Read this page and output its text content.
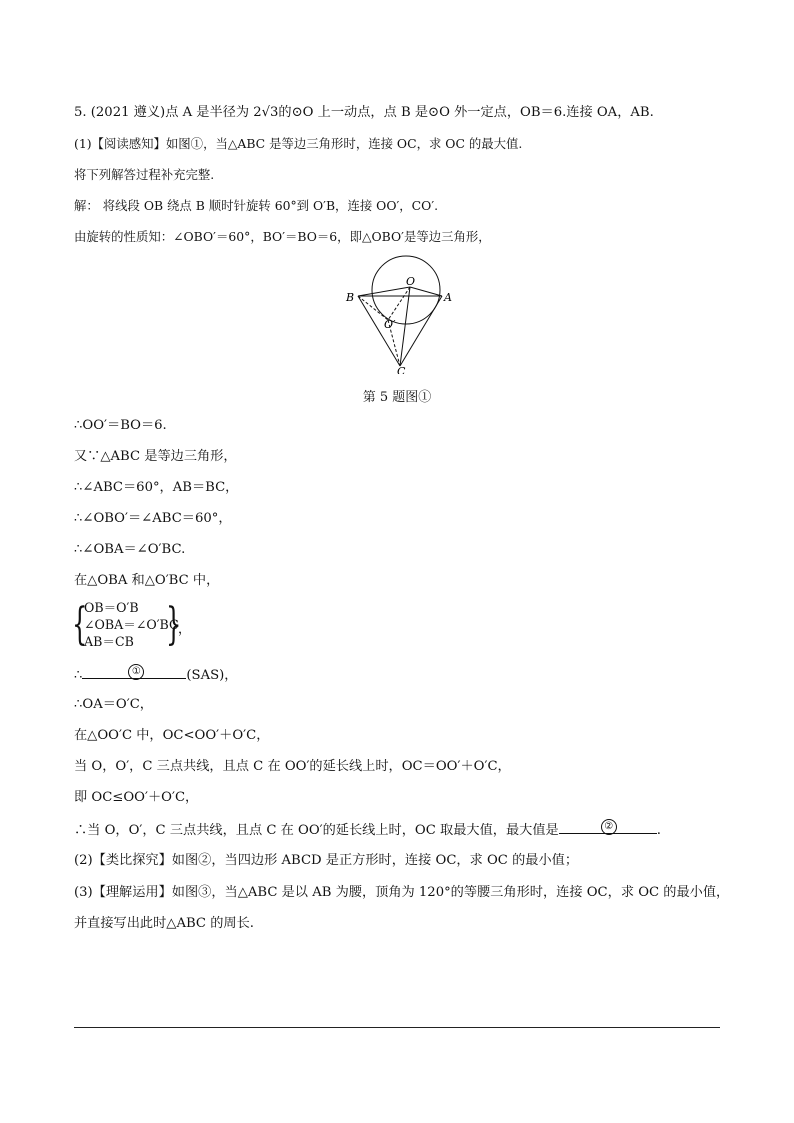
5. (2021 遵义)点 A 是半径为 2√3的⊙O 上一动点，点 B 是⊙O 外一定点，OB＝6.连接 OA，AB.
(1)【阅读感知】如图①，当△ABC 是等边三角形时，连接 OC，求 OC 的最大值.
将下列解答过程补充完整.
解： 将线段 OB 绕点 B 顺时针旋转 60°到 O′B，连接 OO′，CO′.
由旋转的性质知：∠OBO′＝60°，BO′＝BO＝6，即△OBO′是等边三角形，
O
A
B
O′
C
第 5 题图①
∴OO′＝BO＝6.
又∵△ABC 是等边三角形，
∴∠ABC＝60°，AB＝BC，
∴∠OBO′＝∠ABC＝60°，
∴∠OBA＝∠O′BC.
在△OBA 和△O′BC 中，
{
OB＝O′B
∠OBA＝∠O′BC
AB＝CB }
，
∴	①	(SAS)，
∴OA＝O′C，
在△OO′C 中，OC<OO′＋O′C，
当 O，O′，C 三点共线，且点 C 在 OO′的延长线上时，OC＝OO′＋O′C，
即 OC≤OO′＋O′C，
∴当 O，O′，C 三点共线，且点 C 在 OO′的延长线上时，OC 取最大值，最大值是	②	.
(2)【类比探究】如图②，当四边形 ABCD 是正方形时，连接 OC，求 OC 的最小值；
(3)【理解运用】如图③，当△ABC 是以 AB 为腰，顶角为 120°的等腰三角形时，连接 OC，求 OC 的最小值，
并直接写出此时△ABC 的周长.
